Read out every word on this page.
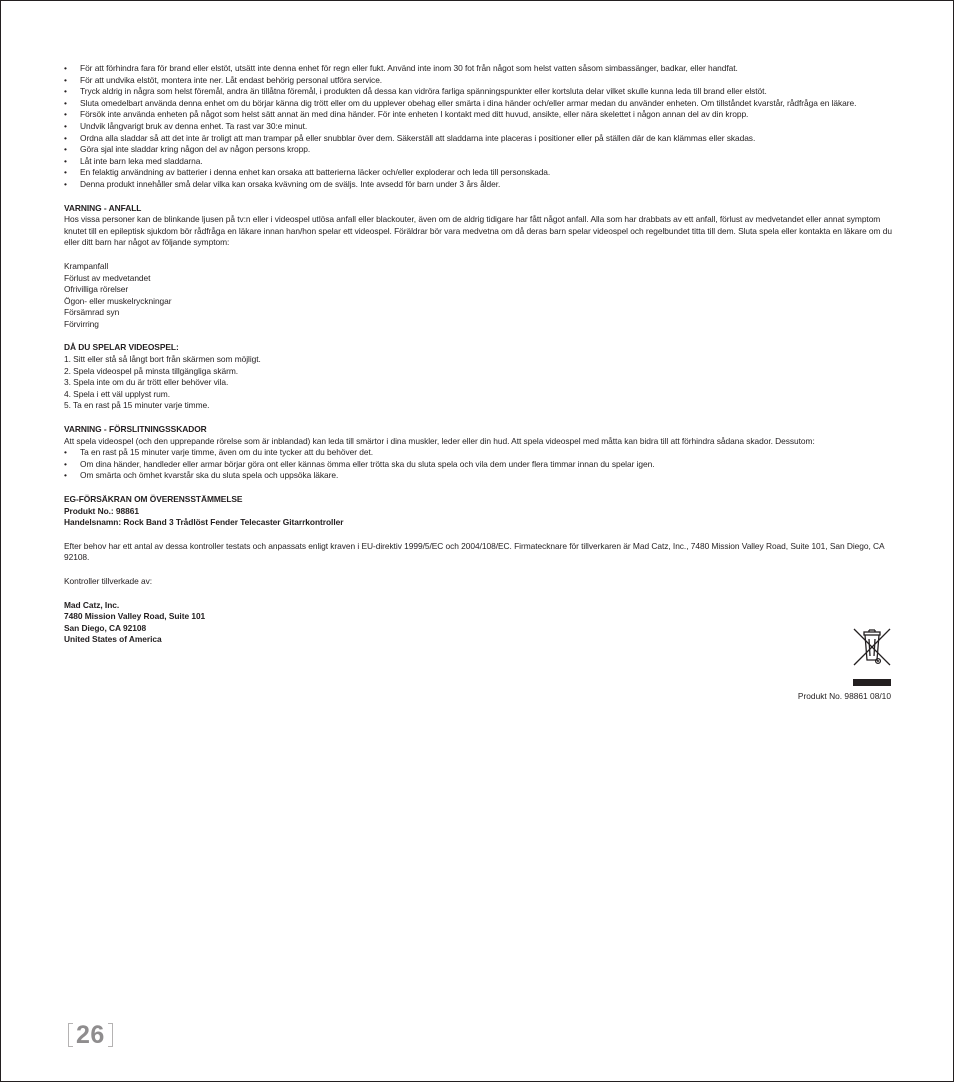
• För att förhindra fara för brand eller elstöt, utsätt inte denna enhet för regn eller fukt. Använd inte inom 30 fot från något som helst vatten såsom simbassänger, badkar, eller handfat.
• För att undvika elstöt, montera inte ner. Låt endast behörig personal utföra service.
• Tryck aldrig in några som helst föremål, andra än tillåtna föremål, i produkten då dessa kan vidröra farliga spänningspunkter eller kortsluta delar vilket skulle kunna leda till brand eller elstöt.
• Sluta omedelbart använda denna enhet om du börjar känna dig trött eller om du upplever obehag eller smärta i dina händer och/eller armar medan du använder enheten. Om tillståndet kvarstår, rådfråga en läkare.
• Försök inte använda enheten på något som helst sätt annat än med dina händer. För inte enheten I kontakt med ditt huvud, ansikte, eller nära skelettet i någon annan del av din kropp.
• Undvik långvarigt bruk av denna enhet. Ta rast var 30:e minut.
• Ordna alla sladdar så att det inte är troligt att man trampar på eller snubblar över dem. Säkerställ att sladdarna inte placeras i positioner eller på ställen där de kan klämmas eller skadas.
• Göra sjal inte sladdar kring någon del av någon persons kropp.
• Låt inte barn leka med sladdarna.
• En felaktig användning av batterier i denna enhet kan orsaka att batterierna läcker och/eller exploderar och leda till personskada.
• Denna produkt innehåller små delar vilka kan orsaka kvävning om de sväljs. Inte avsedd för barn under 3 års ålder.

VARNING - ANFALL

Hos vissa personer kan de blinkande ljusen på tv:n eller i videospel utlösa anfall eller blackouter, även om de aldrig tidigare har fått något anfall. Alla som har drabbats av ett anfall, förlust av medvetandet eller annat symptom knutet till en epileptisk sjukdom bör rådfråga en läkare innan han/hon spelar ett videospel. Föräldrar bör vara medvetna om då deras barn spelar videospel och regelbundet titta till dem. Sluta spela eller kontakta en läkare om du eller ditt barn har något av följande symptom:

Krampanfall

Förlust av medvetandet

Ofrivilliga rörelser

Ögon- eller muskelryckningar

Försämrad syn

Förvirring

DÅ DU SPELAR VIDEOSPEL:

1. Sitt eller stå så långt bort från skärmen som möjligt.

2. Spela videospel på minsta tillgängliga skärm.

3. Spela inte om du är trött eller behöver vila.

4. Spela i ett väl upplyst rum.

5. Ta en rast på 15 minuter varje timme.

VARNING - FÖRSLITNINGSSKADOR

Att spela videospel (och den upprepande rörelse som är inblandad) kan leda till smärtor i dina muskler, leder eller din hud. Att spela videospel med måtta kan bidra till att förhindra sådana skador. Dessutom:

• Ta en rast på 15 minuter varje timme, även om du inte tycker att du behöver det.
• Om dina händer, handleder eller armar börjar göra ont eller kännas ömma eller trötta ska du sluta spela och vila dem under flera timmar innan du spelar igen.
• Om smärta och ömhet kvarstår ska du sluta spela och uppsöka läkare.

EG-FÖRSÄKRAN OM ÖVERENSSTÄMMELSE

Produkt No.: 98861

Handelsnamn: Rock Band 3 Trådlöst Fender Telecaster Gitarrkontroller

Efter behov har ett antal av dessa kontroller testats och anpassats enligt kraven i EU-direktiv 1999/5/EC och 2004/108/EC. Firmatecknare för tillverkaren är Mad Catz, Inc., 7480 Mission Valley Road, Suite 101, San Diego, CA 92108.

Kontroller tillverkade av:

Mad Catz, Inc.

7480 Mission Valley Road, Suite 101

San Diego, CA 92108

United States of America

Produkt No. 98861 08/10
26
